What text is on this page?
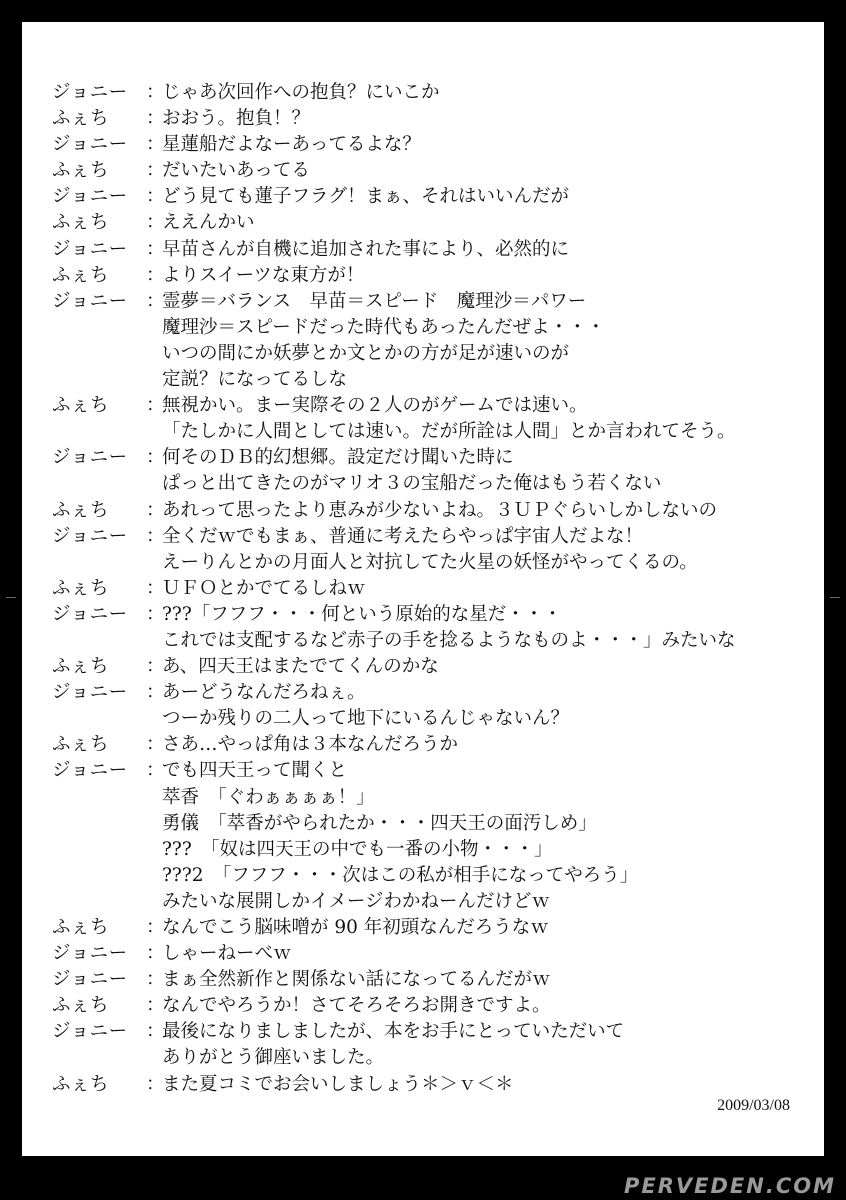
ジョニー ：
じゃあ次回作への抱負？にいこか
ふぇち	：
おおう。抱負！？
ジョニー ：
星蓮船だよなーあってるよな？
ふぇち	：
だいたいあってる
ジョニー ：
どう見ても蓮子フラグ！まぁ、それはいいんだが
ふぇち	：
ええんかい
ジョニー ：
早苗さんが自機に追加された事により、必然的に
ふぇち	：
よりスイーツな東方が！
ジョニー ：
霊夢＝バランス　早苗＝スピード　魔理沙＝パワー
魔理沙＝スピードだった時代もあったんだぜよ・・・
いつの間にか妖夢とか文とかの方が足が速いのが
定説？になってるしな
ふぇち	：
無視かい。まー実際その２人のがゲームでは速い。
「たしかに人間としては速い。だが所詮は人間」とか言われてそう。
ジョニー ：
何そのＤＢ的幻想郷。設定だけ聞いた時に
ぱっと出てきたのがマリオ３の宝船だった俺はもう若くない
ふぇち	：
あれって思ったより恵みが少ないよね。３ＵＰぐらいしかしないの
ジョニー ：
全くだｗでもまぁ、普通に考えたらやっぱ宇宙人だよな！
えーりんとかの月面人と対抗してた火星の妖怪がやってくるの。
ふぇち	：
ＵＦＯとかでてるしねｗ
ジョニー ：
???「フフフ・・・何という原始的な星だ・・・
これでは支配するなど赤子の手を捻るようなものよ・・・」みたいな
ふぇち	：
あ、四天王はまたでてくんのかな
ジョニー ：
あーどうなんだろねぇ。
つーか残りの二人って地下にいるんじゃないん？
ふぇち	：
さあ…やっぱ角は３本なんだろうか
ジョニー ：
でも四天王って聞くと
萃香　「ぐわぁぁぁぁ！」
勇儀　「萃香がやられたか・・・四天王の面汚しめ」
???　「奴は四天王の中でも一番の小物・・・」
???2　「フフフ・・・次はこの私が相手になってやろう」
みたいな展開しかイメージわかねーんだけどｗ
ふぇち	：
なんでこう脳味噌が 90 年初頭なんだろうなｗ
ジョニー ：
しゃーねーべｗ
ジョニー ：
まぁ全然新作と関係ない話になってるんだがｗ
ふぇち	：
なんでやろうか！さてそろそろお開きですよ。
ジョニー ：
最後になりましましたが、本をお手にとっていただいて
ありがとう御座いました。
ふぇち	：
また夏コミでお会いしましょう＊＞ｖ＜＊
2009/03/08
PERVEDEN.COM
